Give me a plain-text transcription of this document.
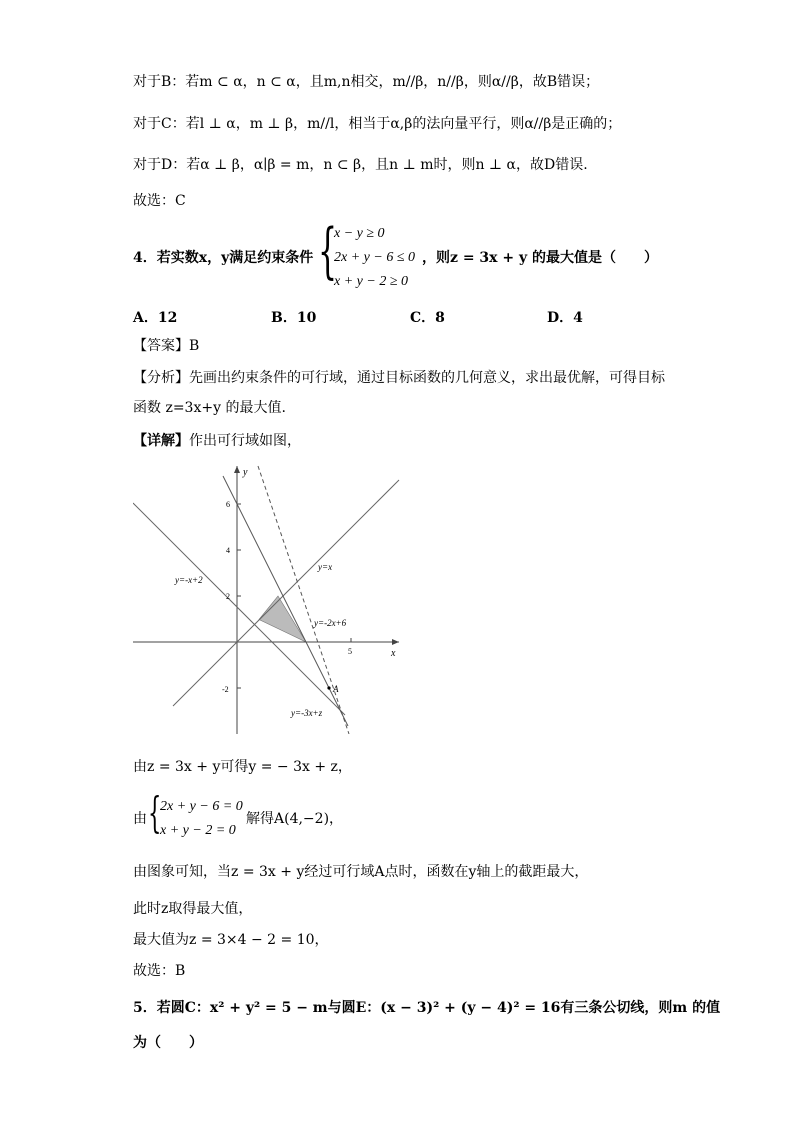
对于B：若m ⊂ α，n ⊂ α，且m,n相交，m//β，n//β，则α//β，故B错误；
对于C：若l ⊥ α，m ⊥ β，m//l，相当于α,β的法向量平行，则α//β是正确的；
对于D：若α ⊥ β，α∣β = m，n ⊂ β，且n ⊥ m时，则n ⊥ α，故D错误.
故选：C
4．若实数x，y满足约束条件 {
x − y ≥ 0
2x + y − 6 ≤ 0
x + y − 2 ≥ 0
，则z = 3x + y 的最大值是（　　）
A．12	B．10	C．8	D．4
【答案】B
【分析】先画出约束条件的可行域，通过目标函数的几何意义，求出最优解，可得目标
函数 z=3x+y 的最大值.
【详解】作出可行域如图，
x
y
6
4
2
-2
5
y=-x+2
y=x
y=-2x+6
A
y=-3x+z
由z = 3x + y可得y = − 3x + z，
由 {
2x + y − 6 = 0
x + y − 2 = 0
解得A(4,−2)，
由图象可知，当z = 3x + y经过可行域A点时，函数在y轴上的截距最大，
此时z取得最大值，
最大值为z = 3×4 − 2 = 10，
故选：B
5．若圆C：x² + y² = 5 − m与圆E：(x − 3)² + (y − 4)² = 16有三条公切线，则m 的值
为（　　）
